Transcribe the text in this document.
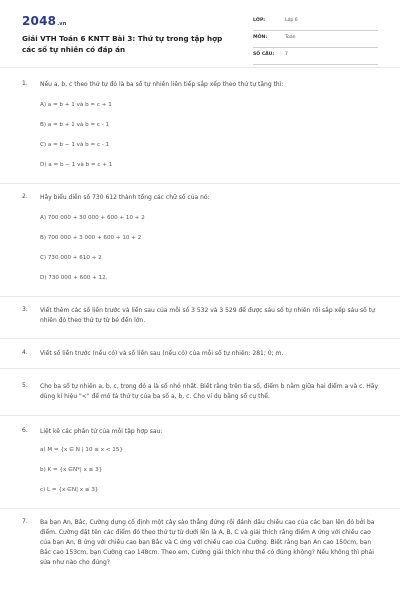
2048.vn
Giải VTH Toán 6 KNTT Bài 3: Thứ tự trong tập hợp các số tự nhiên có đáp án
LỚP:	Lớp 6
MÔN:	Toán
SỐ CÂU: 7
1. Nếu a, b, c theo thứ tự đó là ba số tự nhiên liên tiếp sắp xếp theo thứ tự tăng thì:
A) a = b + 1 và b = c + 1
B) a = b + 1 và b = c - 1
C) a = b − 1 và b = c - 1
D) a = b − 1 và b = c + 1
2. Hãy biểu diễn số 730 612 thành tổng các chữ số của nó:
A) 700 000 + 30 000 + 600 + 10 + 2
B) 700 000 + 3 000 + 600 + 10 + 2
C) 730 000 + 610 + 2
D) 730 000 + 600 + 12.
3. Viết thêm các số liền trước và liền sau của mỗi số 3 532 và 3 529 để được sáu số tự nhiên rồi sắp xếp sáu số tự nhiên đó theo thứ tự từ bé đến lớn.
4. Viết số liền trước (nếu có) và số liền sau (nếu có) của mỗi số tự nhiên: 281; 0; m.
5. Cho ba số tự nhiên a, b, c, trong đó a là số nhỏ nhất. Biết rằng trên tia số, điểm b nằm giữa hai điểm a và c. Hãy dùng kí hiệu "<" để mô tả thứ tự của ba số a, b, c. Cho ví dụ bằng số cụ thể.
6. Liệt kê các phần tử của mỗi tập hợp sau:
a) M = {x ∈ N | 10 ≤ x < 15}
b) K = {x ∈N*| x ≤ 3}
c) L = {x ∈N| x ≤ 3}
7. Ba bạn An, Bắc, Cường dựng cố định một cây sào thẳng đứng rồi đánh dấu chiều cao của các bạn lên đó bởi ba điểm. Cường đặt tên các điểm đó theo thứ tự từ dưới lên là A, B, C và giải thích rằng điểm A ứng với chiều cao của bạn An, B ứng với chiều cao bạn Bắc và C ứng với chiều cao của Cường. Biết rằng bạn An cao 150cm, bạn Bắc cao 153cm, bạn Cường cao 148cm. Theo em, Cường giải thích như thế có đúng không? Nếu không thì phải sửa như nào cho đúng?
